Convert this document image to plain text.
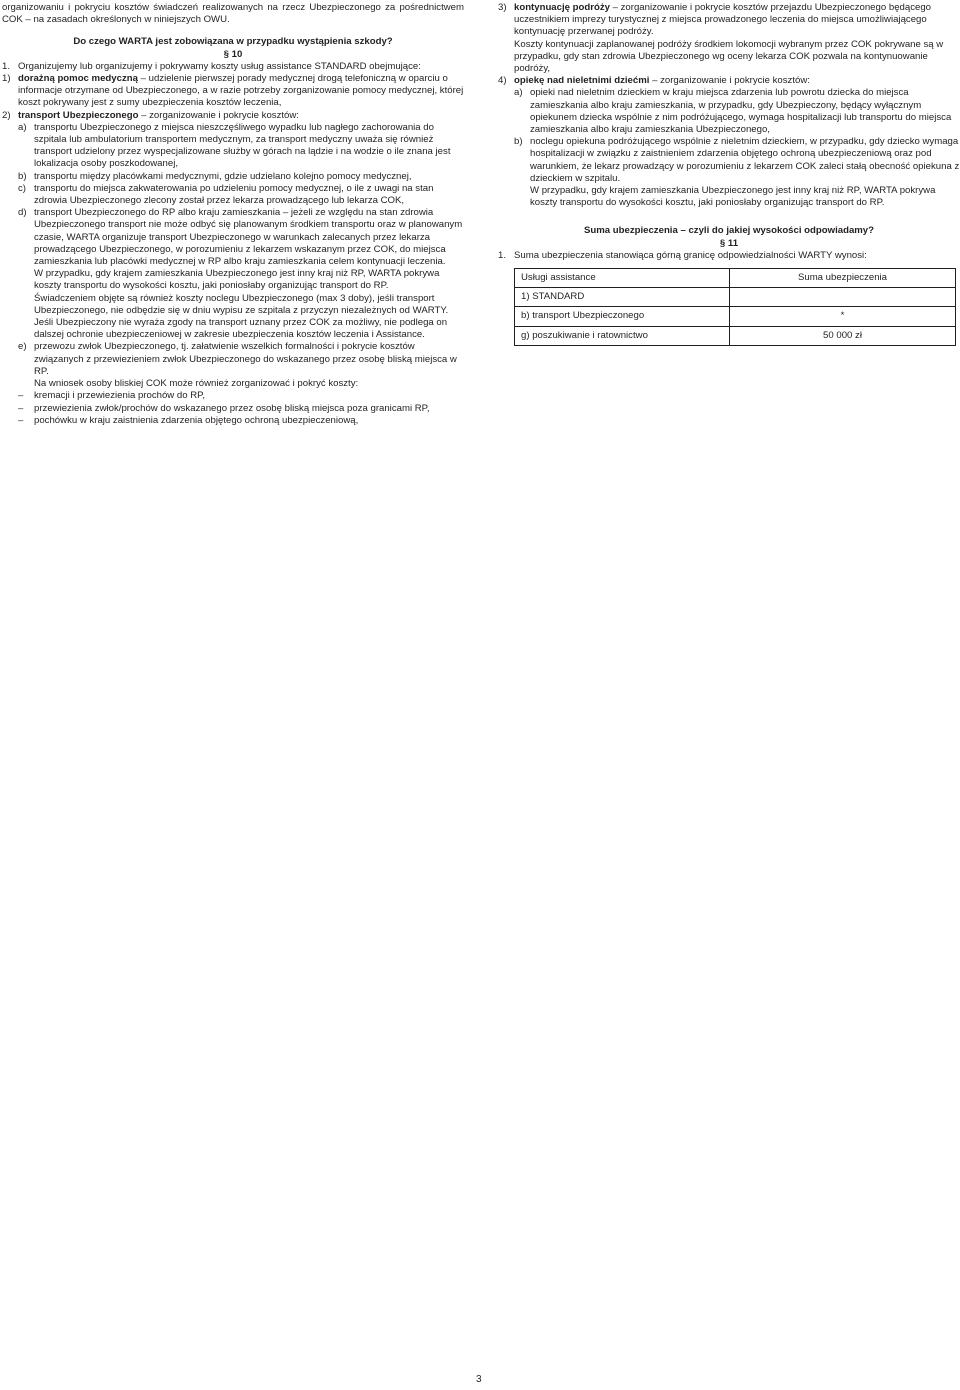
organizowaniu i pokryciu kosztów świadczeń realizowanych na rzecz Ubezpieczonego za pośrednictwem COK – na zasadach określonych w niniejszych OWU.

Do czego WARTA jest zobowiązana w przypadku wystąpienia szkody?

§ 10

1. Organizujemy lub organizujemy i pokrywamy koszty usług assistance STANDARD obejmujące:
1) dorażną pomoc medyczną – udzielenie pierwszej porady medycznej drogą telefoniczną w oparciu o informacje otrzymane od Ubezpieczonego, a w razie potrzeby zorganizowanie pomocy medycznej, której koszt pokrywany jest z sumy ubezpieczenia kosztów leczenia,
2) transport Ubezpieczonego – zorganizowanie i pokrycie kosztów:
a) transportu Ubezpieczonego z miejsca nieszczęśliwego wypadku lub nagłego zachorowania do szpitala lub ambulatorium transportem medycznym, za transport medyczny uważa się również transport udzielony przez wyspecjalizowane służby w górach na lądzie i na wodzie o ile znana jest lokalizacja osoby poszkodowanej,
b) transportu między placówkami medycznymi, gdzie udzielano kolejno pomocy medycznej,
c) transportu do miejsca zakwaterowania po udzieleniu pomocy medycznej, o ile z uwagi na stan zdrowia Ubezpieczonego zlecony został przez lekarza prowadzącego lub lekarza COK,
d) transport Ubezpieczonego do RP albo kraju zamieszkania – jeżeli ze względu na stan zdrowia Ubezpieczonego transport nie może odbyć się planowanym środkiem transportu oraz w planowanym czasie, WARTA organizuje transport Ubezpieczonego w warunkach zalecanych przez lekarza prowadzącego Ubezpieczonego, w porozumieniu z lekarzem wskazanym przez COK, do miejsca zamieszkania lub placówki medycznej w RP albo kraju zamieszkania celem kontynuacji leczenia.
W przypadku, gdy krajem zamieszkania Ubezpieczonego jest inny kraj niż RP, WARTA pokrywa koszty transportu do wysokości kosztu, jaki poniosłaby organizując transport do RP.
Świadczeniem objęte są również koszty noclegu Ubezpieczonego (max 3 doby), jeśli transport Ubezpieczonego, nie odbędzie się w dniu wypisu ze szpitala z przyczyn niezależnych od WARTY.
Jeśli Ubezpieczony nie wyraża zgody na transport uznany przez COK za możliwy, nie podlega on dalszej ochronie ubezpieczeniowej w zakresie ubezpieczenia kosztów leczenia i Assistance.
e) przewozu zwłok Ubezpieczonego, tj. załatwienie wszelkich formalności i pokrycie kosztów związanych z przewiezieniem zwłok Ubezpieczonego do wskazanego przez osobę bliską miejsca w RP.
Na wniosek osoby bliskiej COK może również zorganizować i pokryć koszty:
– kremacji i przewiezienia prochów do RP,
– przewiezienia zwłok/prochów do wskazanego przez osobę bliską miejsca poza granicami RP,
– pochówku w kraju zaistnienia zdarzenia objętego ochroną ubezpieczeniową,
3) kontynuację podróży – zorganizowanie i pokrycie kosztów przejazdu Ubezpieczonego będącego uczestnikiem imprezy turystycznej z miejsca prowadzonego leczenia do miejsca umożliwiającego kontynuację przerwanej podróży.
Koszty kontynuacji zaplanowanej podróży środkiem lokomocji wybranym przez COK pokrywane są w przypadku, gdy stan zdrowia Ubezpieczonego wg oceny lekarza COK pozwala na kontynuowanie podróży,
4) opiekę nad nieletnimi dziećmi – zorganizowanie i pokrycie kosztów:
a) opieki nad nieletnim dzieckiem w kraju miejsca zdarzenia lub powrotu dziecka do miejsca zamieszkania albo kraju zamieszkania, w przypadku, gdy Ubezpieczony, będący wyłącznym opiekunem dziecka wspólnie z nim podróżującego, wymaga hospitalizacji lub transportu do miejsca zamieszkania albo kraju zamieszkania Ubezpieczonego,
b) noclegu opiekuna podróżującego wspólnie z nieletnim dzieckiem, w przypadku, gdy dziecko wymaga hospitalizacji w związku z zaistnieniem zdarzenia objętego ochroną ubezpieczeniową oraz pod warunkiem, że lekarz prowadzący w porozumieniu z lekarzem COK zaleci stałą obecność opiekuna z dzieckiem w szpitalu.
W przypadku, gdy krajem zamieszkania Ubezpieczonego jest inny kraj niż RP, WARTA pokrywa koszty transportu do wysokości kosztu, jaki poniosłaby organizując transport do RP.

Suma ubezpieczenia – czyli do jakiej wysokości odpowiadamy?

§ 11

1. Suma ubezpieczenia stanowiąca górną granicę odpowiedzialności WARTY wynosi:
Usługi assistance	Suma ubezpieczenia
1) STANDARD	
b) transport Ubezpieczonego	*
g) poszukiwanie i ratownictwo	50 000 zł
3
